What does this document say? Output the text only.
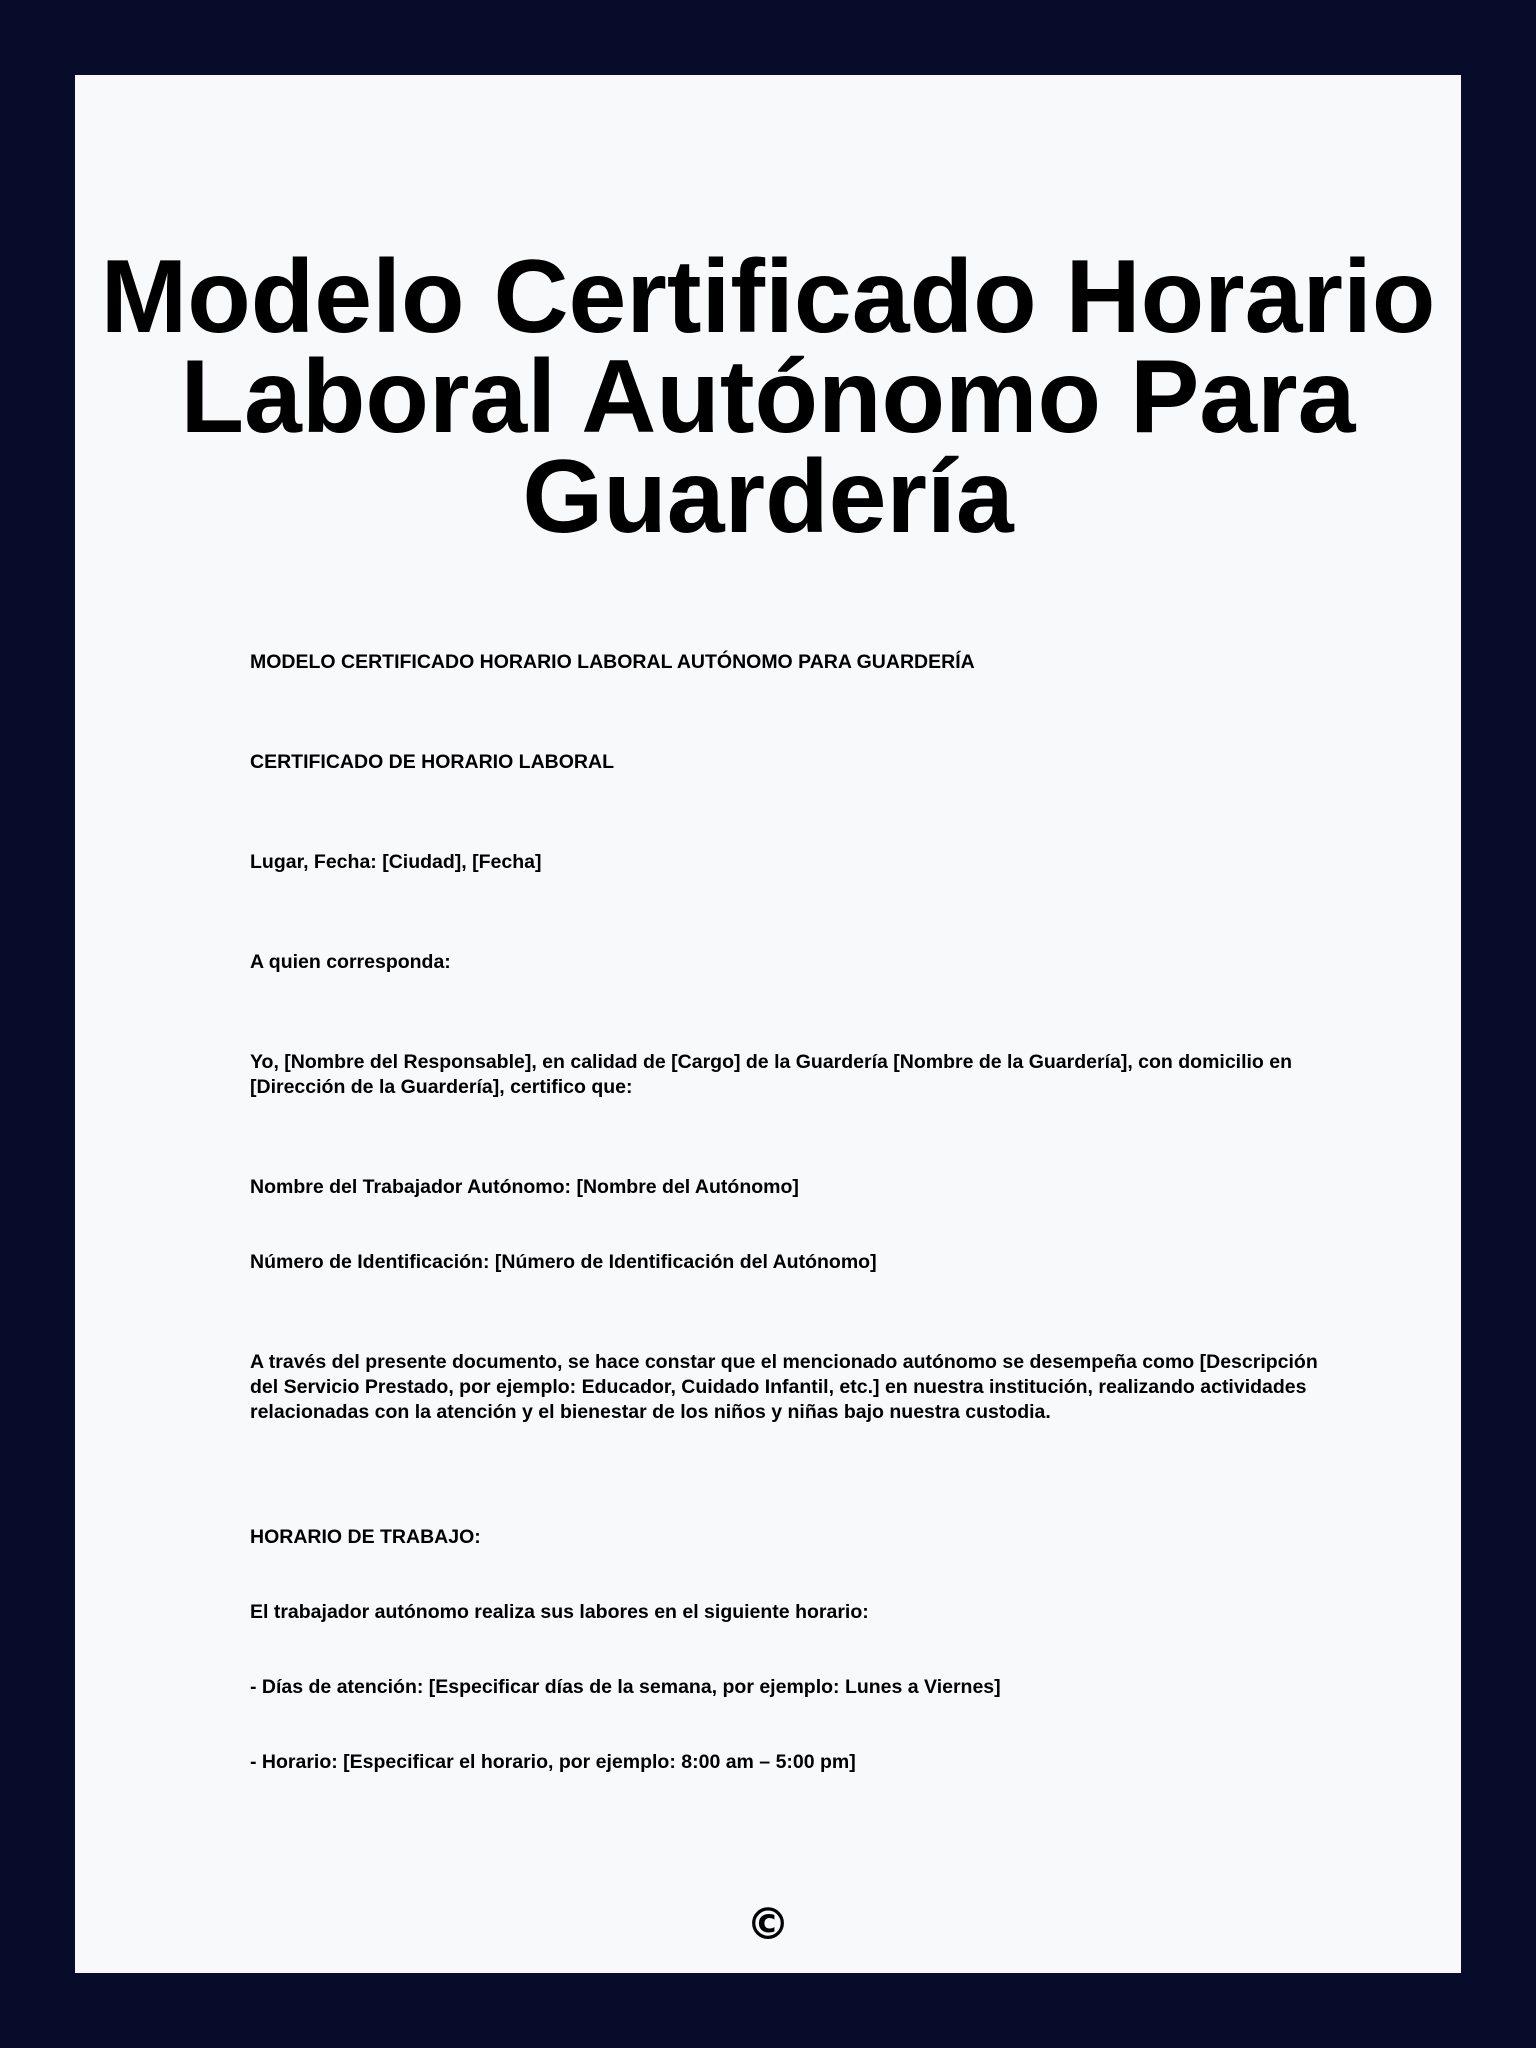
Modelo Certificado Horario Laboral Autónomo Para Guardería

MODELO CERTIFICADO HORARIO LABORAL AUTÓNOMO PARA GUARDERÍA

CERTIFICADO DE HORARIO LABORAL

Lugar, Fecha: [Ciudad], [Fecha]

A quien corresponda:

Yo, [Nombre del Responsable], en calidad de [Cargo] de la Guardería [Nombre de la Guardería], con domicilio en [Dirección de la Guardería], certifico que:

Nombre del Trabajador Autónomo: [Nombre del Autónomo]

Número de Identificación: [Número de Identificación del Autónomo]

A través del presente documento, se hace constar que el mencionado autónomo se desempeña como [Descripción del Servicio Prestado, por ejemplo: Educador, Cuidado Infantil, etc.] en nuestra institución, realizando actividades relacionadas con la atención y el bienestar de los niños y niñas bajo nuestra custodia.

HORARIO DE TRABAJO:

El trabajador autónomo realiza sus labores en el siguiente horario:

- Días de atención: [Especificar días de la semana, por ejemplo: Lunes a Viernes]

- Horario: [Especificar el horario, por ejemplo: 8:00 am – 5:00 pm]

©
